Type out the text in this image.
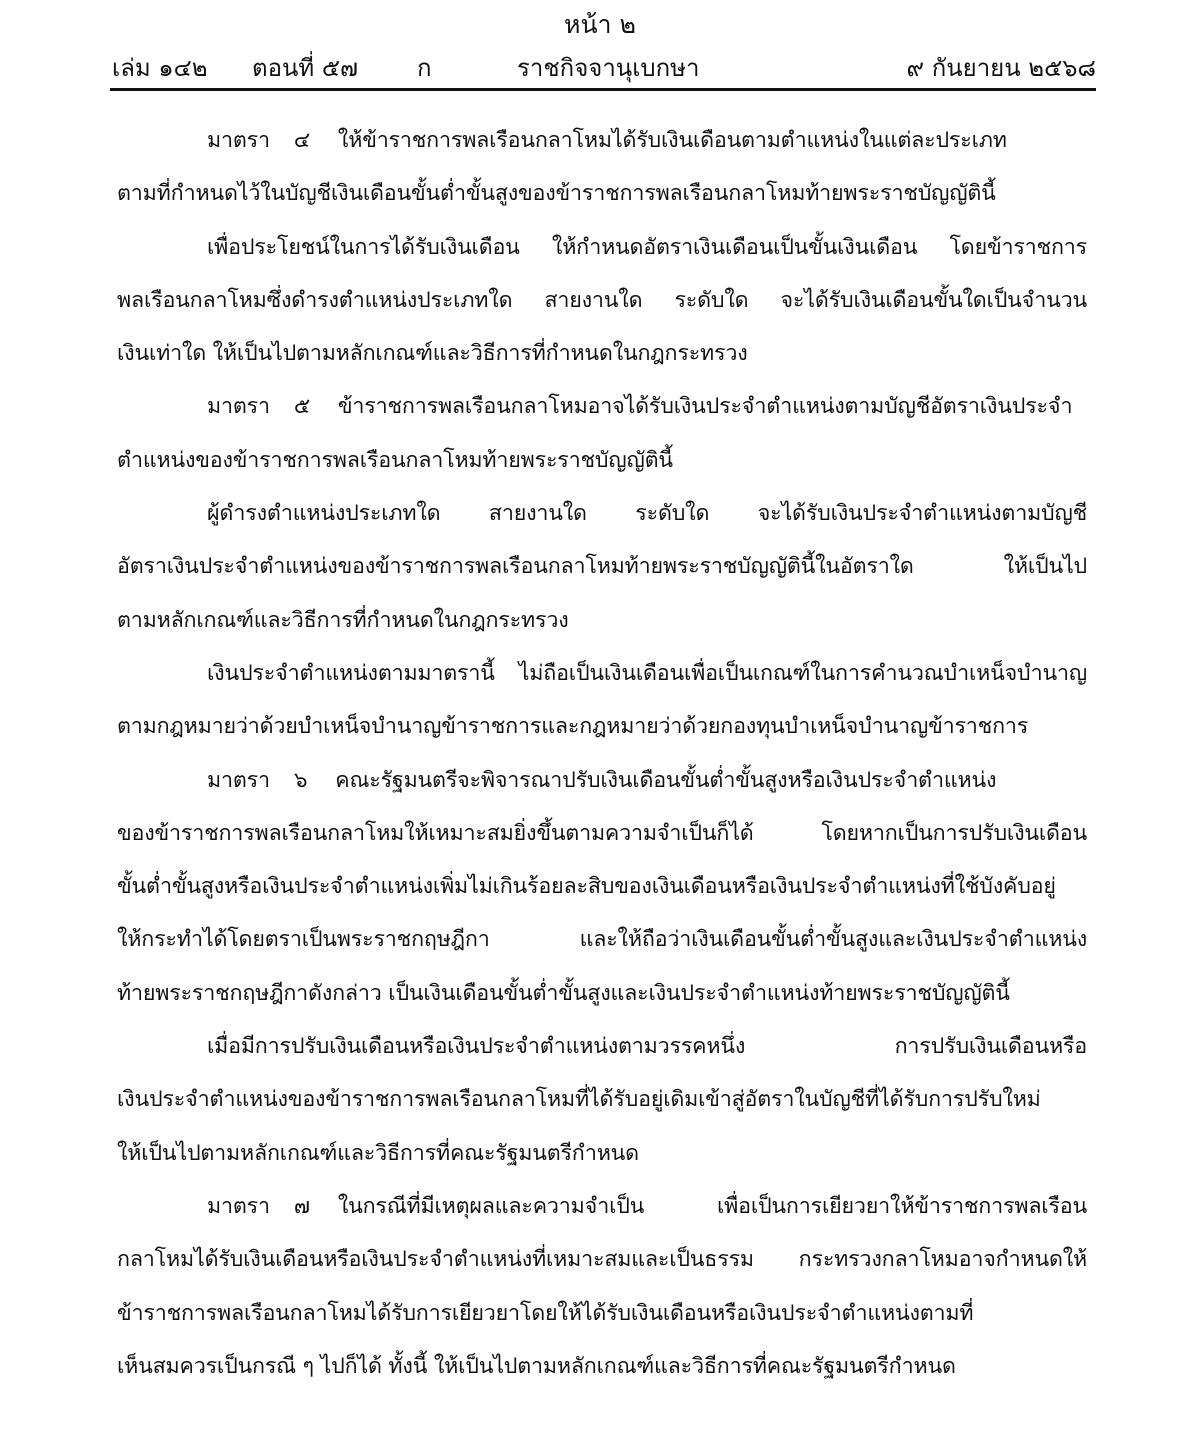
หน้า ๒
เล่ม ๑๔๒ ตอนที่ ๕๗ ก	ราชกิจจานุเบกษา	๙ กันยายน ๒๕๖๘
มาตรา ๔ ให้ข้าราชการพลเรือนกลาโหมได้รับเงินเดือนตามตำแหน่งในแต่ละประเภท
ตามที่กำหนดไว้ในบัญชีเงินเดือนขั้นต่ำขั้นสูงของข้าราชการพลเรือนกลาโหมท้ายพระราชบัญญัตินี้
เพื่อประโยชน์ในการได้รับเงินเดือน ให้กำหนดอัตราเงินเดือนเป็นขั้นเงินเดือน โดยข้าราชการ
พลเรือนกลาโหมซึ่งดำรงตำแหน่งประเภทใด สายงานใด ระดับใด จะได้รับเงินเดือนขั้นใดเป็นจำนวน
เงินเท่าใด ให้เป็นไปตามหลักเกณฑ์และวิธีการที่กำหนดในกฎกระทรวง
มาตรา ๕ ข้าราชการพลเรือนกลาโหมอาจได้รับเงินประจำตำแหน่งตามบัญชีอัตราเงินประจำ
ตำแหน่งของข้าราชการพลเรือนกลาโหมท้ายพระราชบัญญัตินี้
ผู้ดำรงตำแหน่งประเภทใด สายงานใด ระดับใด จะได้รับเงินประจำตำแหน่งตามบัญชี
อัตราเงินประจำตำแหน่งของข้าราชการพลเรือนกลาโหมท้ายพระราชบัญญัตินี้ในอัตราใด ให้เป็นไป
ตามหลักเกณฑ์และวิธีการที่กำหนดในกฎกระทรวง
เงินประจำตำแหน่งตามมาตรานี้ ไม่ถือเป็นเงินเดือนเพื่อเป็นเกณฑ์ในการคำนวณบำเหน็จบำนาญ
ตามกฎหมายว่าด้วยบำเหน็จบำนาญข้าราชการและกฎหมายว่าด้วยกองทุนบำเหน็จบำนาญข้าราชการ
มาตรา ๖ คณะรัฐมนตรีจะพิจารณาปรับเงินเดือนขั้นต่ำขั้นสูงหรือเงินประจำตำแหน่ง
ของข้าราชการพลเรือนกลาโหมให้เหมาะสมยิ่งขึ้นตามความจำเป็นก็ได้ โดยหากเป็นการปรับเงินเดือน
ขั้นต่ำขั้นสูงหรือเงินประจำตำแหน่งเพิ่มไม่เกินร้อยละสิบของเงินเดือนหรือเงินประจำตำแหน่งที่ใช้บังคับอยู่
ให้กระทำได้โดยตราเป็นพระราชกฤษฎีกา และให้ถือว่าเงินเดือนขั้นต่ำขั้นสูงและเงินประจำตำแหน่ง
ท้ายพระราชกฤษฎีกาดังกล่าว เป็นเงินเดือนขั้นต่ำขั้นสูงและเงินประจำตำแหน่งท้ายพระราชบัญญัตินี้
เมื่อมีการปรับเงินเดือนหรือเงินประจำตำแหน่งตามวรรคหนึ่ง การปรับเงินเดือนหรือ
เงินประจำตำแหน่งของข้าราชการพลเรือนกลาโหมที่ได้รับอยู่เดิมเข้าสู่อัตราในบัญชีที่ได้รับการปรับใหม่
ให้เป็นไปตามหลักเกณฑ์และวิธีการที่คณะรัฐมนตรีกำหนด
มาตรา ๗ ในกรณีที่มีเหตุผลและความจำเป็น เพื่อเป็นการเยียวยาให้ข้าราชการพลเรือน
กลาโหมได้รับเงินเดือนหรือเงินประจำตำแหน่งที่เหมาะสมและเป็นธรรม กระทรวงกลาโหมอาจกำหนดให้
ข้าราชการพลเรือนกลาโหมได้รับการเยียวยาโดยให้ได้รับเงินเดือนหรือเงินประจำตำแหน่งตามที่
เห็นสมควรเป็นกรณี ๆ ไปก็ได้ ทั้งนี้ ให้เป็นไปตามหลักเกณฑ์และวิธีการที่คณะรัฐมนตรีกำหนด
